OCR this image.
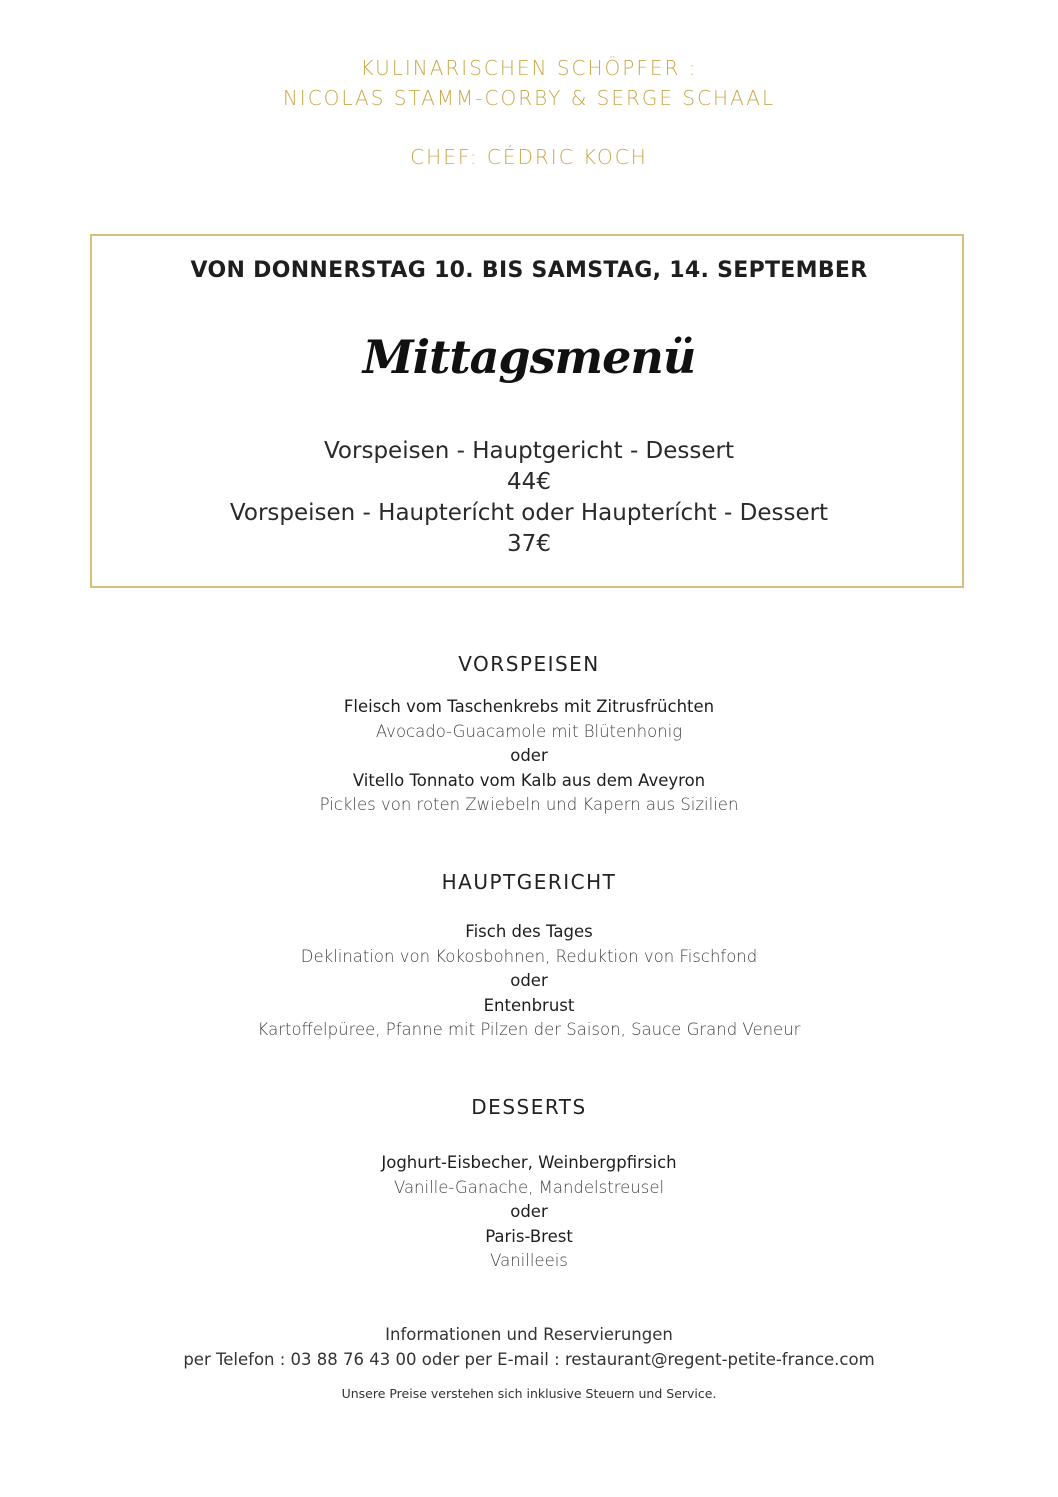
KULINARISCHEN SCHÖPFER :
NICOLAS STAMM-CORBY & SERGE SCHAAL
CHEF: CÉDRIC KOCH
VON DONNERSTAG 10. BIS SAMSTAG, 14. SEPTEMBER
Mittagsmenü
Vorspeisen - Hauptgericht - Dessert
44€
Vorspeisen - Haupterícht oder Haupterícht - Dessert
37€
VORSPEISEN
Fleisch vom Taschenkrebs mit Zitrusfrüchten
Avocado-Guacamole mit Blütenhonig
oder
Vitello Tonnato vom Kalb aus dem Aveyron
Pickles von roten Zwiebeln und Kapern aus Sizilien
HAUPTGERICHT
Fisch des Tages
Deklination von Kokosbohnen, Reduktion von Fischfond
oder
Entenbrust
Kartoffelpüree, Pfanne mit Pilzen der Saison, Sauce Grand Veneur
DESSERTS
Joghurt-Eisbecher, Weinbergpfirsich
Vanille-Ganache, Mandelstreusel
oder
Paris-Brest
Vanilleeis
Informationen und Reservierungen
per Telefon : 03 88 76 43 00 oder per E-mail : restaurant@regent-petite-france.com
Unsere Preise verstehen sich inklusive Steuern und Service.
